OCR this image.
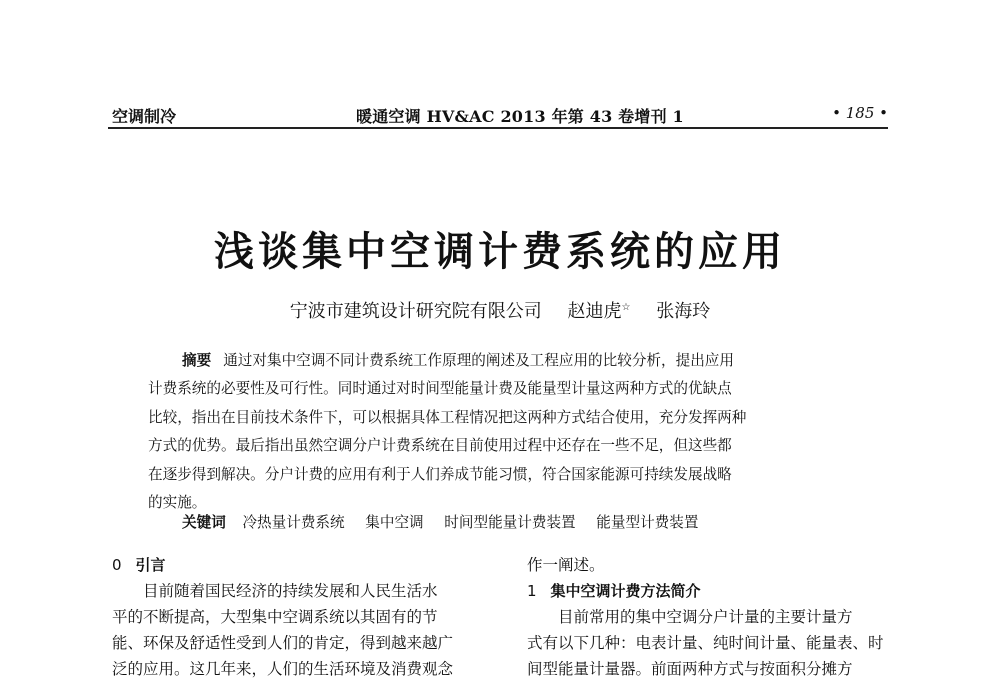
空调制冷	暖通空调 HV&AC 2013 年第 43 卷增刊 1	• 185 •
浅谈集中空调计费系统的应用
宁波市建筑设计研究院有限公司 赵迪虎☆ 张海玲
摘要 通过对集中空调不同计费系统工作原理的阐述及工程应用的比较分析，提出应用
计费系统的必要性及可行性。同时通过对时间型能量计费及能量型计量这两种方式的优缺点
比较，指出在目前技术条件下，可以根据具体工程情况把这两种方式结合使用，充分发挥两种
方式的优势。最后指出虽然空调分户计费系统在目前使用过程中还存在一些不足，但这些都
在逐步得到解决。分户计费的应用有利于人们养成节能习惯，符合国家能源可持续发展战略
的实施。
关键词 冷热量计费系统 集中空调 时间型能量计费装置 能量型计费装置
0 引言
目前随着国民经济的持续发展和人民生活水
平的不断提高，大型集中空调系统以其固有的节
能、环保及舒适性受到人们的肯定，得到越来越广
泛的应用。这几年来，人们的生活环境及消费观念
作一阐述。
1 集中空调计费方法简介
目前常用的集中空调分户计量的主要计量方
式有以下几种：电表计量、纯时间计量、能量表、时
间型能量计量器。前面两种方式与按面积分摊方
